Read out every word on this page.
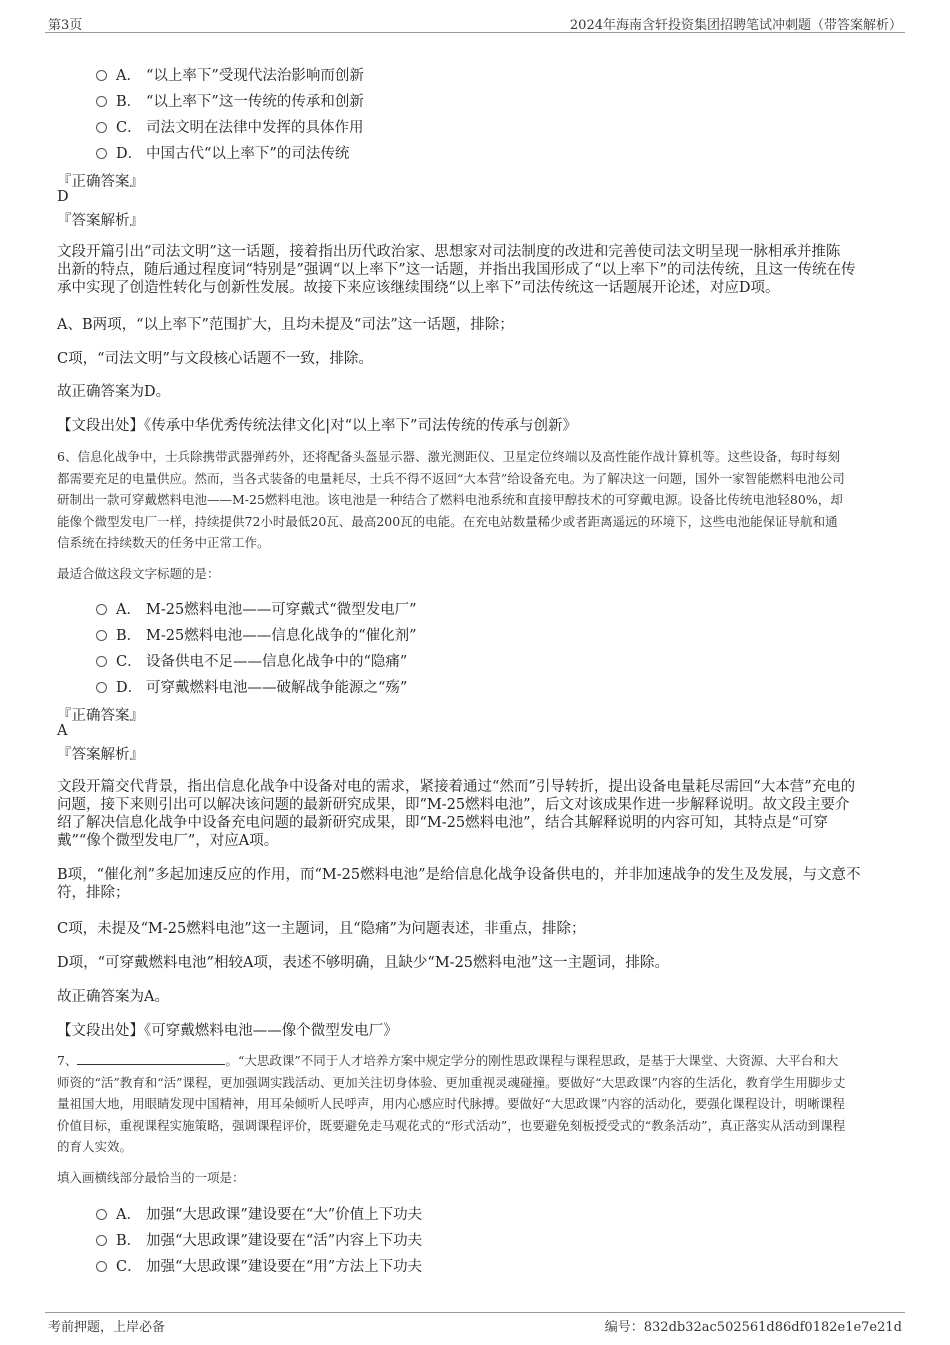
第3页	2024年海南含轩投资集团招聘笔试冲刺题（带答案解析）
A． “以上率下”受现代法治影响而创新
B． “以上率下”这一传统的传承和创新
C． 司法文明在法律中发挥的具体作用
D． 中国古代“以上率下”的司法传统
『正确答案』
D
『答案解析』
文段开篇引出“司法文明”这一话题，接着指出历代政治家、思想家对司法制度的改进和完善使司法文明呈现一脉相承并推陈
出新的特点，随后通过程度词“特别是”强调“以上率下”这一话题，并指出我国形成了“以上率下”的司法传统，且这一传统在传
承中实现了创造性转化与创新性发展。故接下来应该继续围绕“以上率下”司法传统这一话题展开论述，对应D项。
A、B两项，“以上率下”范围扩大，且均未提及“司法”这一话题，排除；
C项，“司法文明”与文段核心话题不一致，排除。
故正确答案为D。
【文段出处】《传承中华优秀传统法律文化|对“以上率下”司法传统的传承与创新》
6、信息化战争中，士兵除携带武器弹药外，还将配备头盔显示器、激光测距仪、卫星定位终端以及高性能作战计算机等。这些设备，每时每刻
都需要充足的电量供应。然而，当各式装备的电量耗尽，士兵不得不返回“大本营”给设备充电。为了解决这一问题，国外一家智能燃料电池公司
研制出一款可穿戴燃料电池——M-25燃料电池。该电池是一种结合了燃料电池系统和直接甲醇技术的可穿戴电源。设备比传统电池轻80%，却
能像个微型发电厂一样，持续提供72小时最低20瓦、最高200瓦的电能。在充电站数量稀少或者距离遥远的环境下，这些电池能保证导航和通
信系统在持续数天的任务中正常工作。
最适合做这段文字标题的是：
A． M-25燃料电池——可穿戴式“微型发电厂”
B． M-25燃料电池——信息化战争的“催化剂”
C． 设备供电不足——信息化战争中的“隐痛”
D． 可穿戴燃料电池——破解战争能源之“殇”
『正确答案』
A
『答案解析』
文段开篇交代背景，指出信息化战争中设备对电的需求，紧接着通过“然而”引导转折，提出设备电量耗尽需回“大本营”充电的
问题，接下来则引出可以解决该问题的最新研究成果，即“M-25燃料电池”，后文对该成果作进一步解释说明。故文段主要介
绍了解决信息化战争中设备充电问题的最新研究成果，即“M-25燃料电池”，结合其解释说明的内容可知，其特点是“可穿
戴”“像个微型发电厂”，对应A项。
B项，“催化剂”多起加速反应的作用，而“M-25燃料电池”是给信息化战争设备供电的，并非加速战争的发生及发展，与文意不
符，排除；
C项，未提及“M-25燃料电池”这一主题词，且“隐痛”为问题表述，非重点，排除；
D项，“可穿戴燃料电池”相较A项，表述不够明确，且缺少“M-25燃料电池”这一主题词，排除。
故正确答案为A。
【文段出处】《可穿戴燃料电池——像个微型发电厂》
7、	。“大思政课”不同于人才培养方案中规定学分的刚性思政课程与课程思政，是基于大课堂、大资源、大平台和大
师资的“活”教育和“活”课程，更加强调实践活动、更加关注切身体验、更加重视灵魂碰撞。要做好“大思政课”内容的生活化，教育学生用脚步丈
量祖国大地，用眼睛发现中国精神，用耳朵倾听人民呼声，用内心感应时代脉搏。要做好“大思政课”内容的活动化，要强化课程设计，明晰课程
价值目标，重视课程实施策略，强调课程评价，既要避免走马观花式的“形式活动”，也要避免刻板授受式的“教条活动”，真正落实从活动到课程
的育人实效。
填入画横线部分最恰当的一项是：
A． 加强“大思政课”建设要在“大”价值上下功夫
B． 加强“大思政课”建设要在“活”内容上下功夫
C． 加强“大思政课”建设要在“用”方法上下功夫
考前押题，上岸必备	编号：832db32ac502561d86df0182e1e7e21d
